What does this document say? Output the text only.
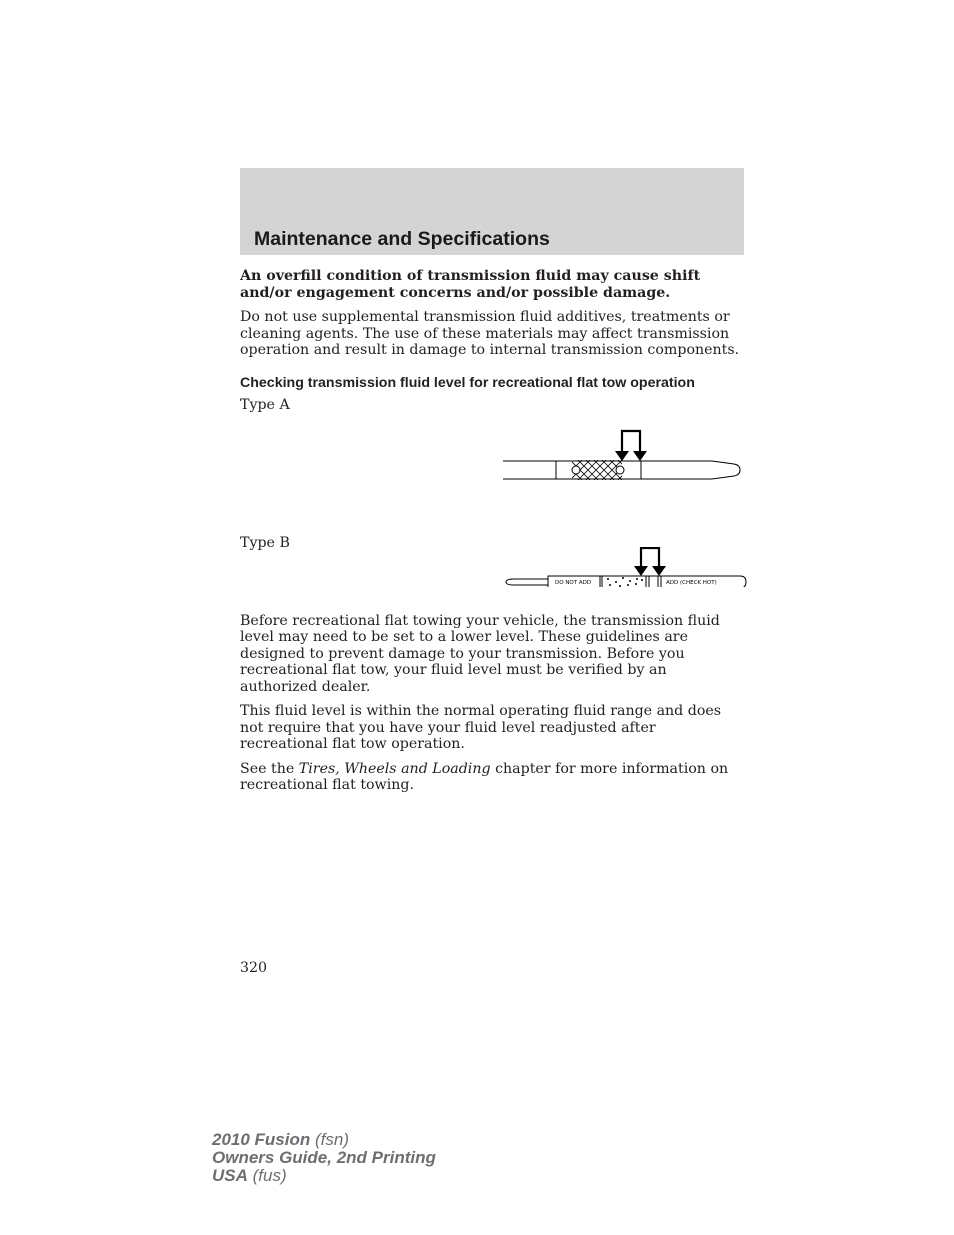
Maintenance and Specifications

An overfill condition of transmission fluid may cause shift and/or engagement concerns and/or possible damage.

Do not use supplemental transmission fluid additives, treatments or cleaning agents. The use of these materials may affect transmission operation and result in damage to internal transmission components.

Checking transmission fluid level for recreational flat tow operation
Type A
Type B
DO NOT ADD	ADD (CHECK HOT)

Before recreational flat towing your vehicle, the transmission fluid level may need to be set to a lower level. These guidelines are designed to prevent damage to your transmission. Before you recreational flat tow, your fluid level must be verified by an authorized dealer.

This fluid level is within the normal operating fluid range and does not require that you have your fluid level readjusted after recreational flat tow operation.

See the Tires, Wheels and Loading chapter for more information on recreational flat towing.

320
2010 Fusion (fsn)
Owners Guide, 2nd Printing
USA (fus)
